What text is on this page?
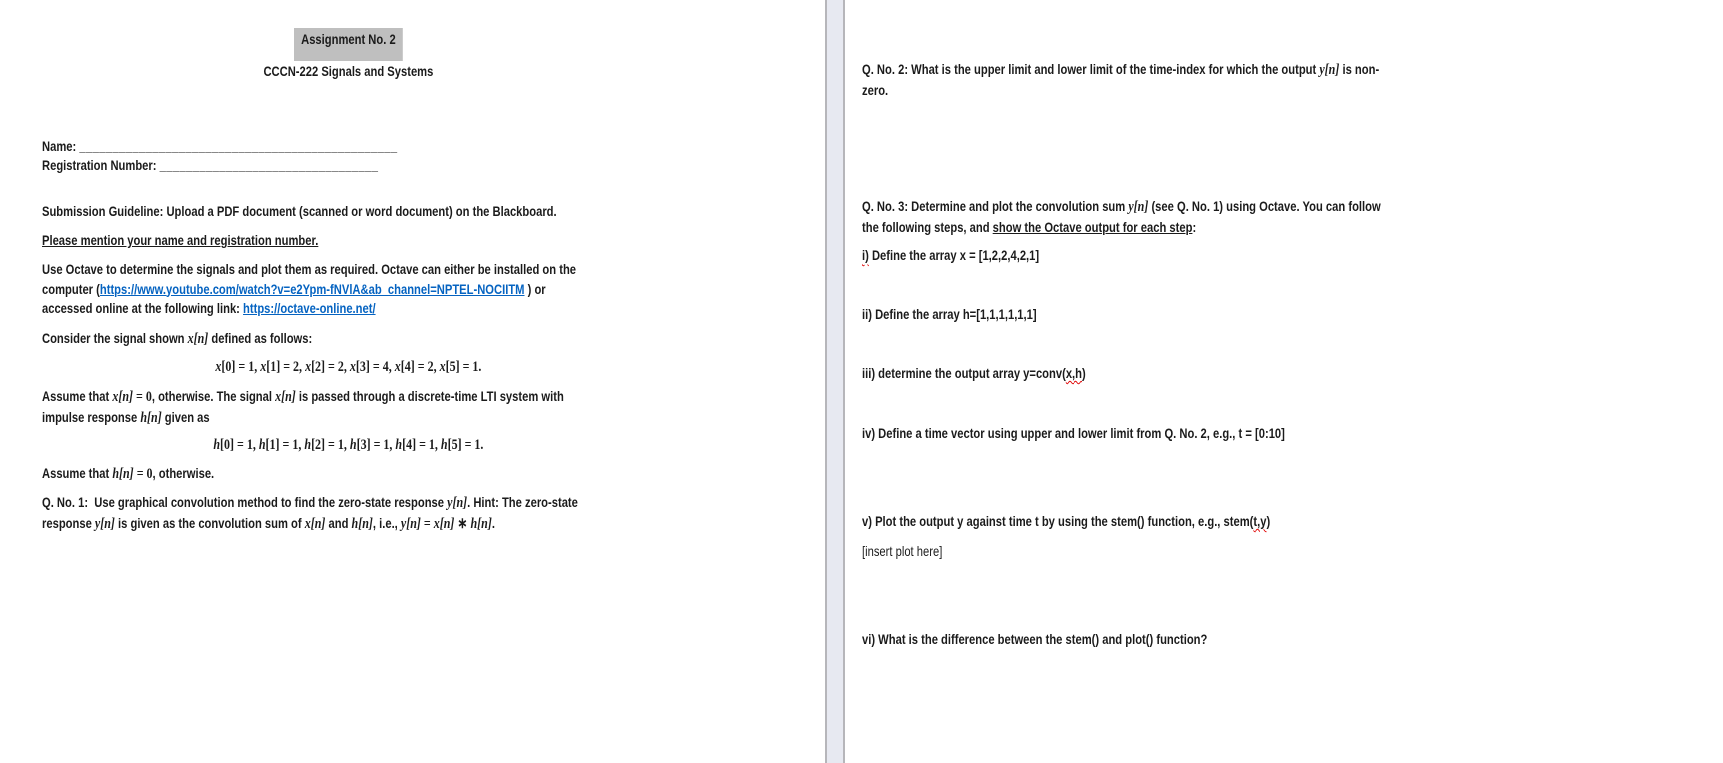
Assignment No. 2
CCCN-222 Signals and Systems
Name: ________________________________________________
Registration Number: _________________________________
Submission Guideline: Upload a PDF document (scanned or word document) on the Blackboard.
Please mention your name and registration number.
Use Octave to determine the signals and plot them as required. Octave can either be installed on the
computer (https://www.youtube.com/watch?v=e2Ypm-fNVlA&ab_channel=NPTEL-NOCIITM ) or
accessed online at the following link: https://octave-online.net/
Consider the signal shown x[n] defined as follows:
x[0] = 1, x[1] = 2, x[2] = 2, x[3] = 4, x[4] = 2, x[5] = 1.
Assume that x[n] = 0, otherwise. The signal x[n] is passed through a discrete-time LTI system with
impulse response h[n] given as
h[0] = 1, h[1] = 1, h[2] = 1, h[3] = 1, h[4] = 1, h[5] = 1.
Assume that h[n] = 0, otherwise.
Q. No. 1:  Use graphical convolution method to find the zero-state response y[n]. Hint: The zero-state
response y[n] is given as the convolution sum of x[n] and h[n], i.e., y[n] = x[n] ∗ h[n].
Q. No. 2: What is the upper limit and lower limit of the time-index for which the output y[n] is non-
zero.
Q. No. 3: Determine and plot the convolution sum y[n] (see Q. No. 1) using Octave. You can follow
the following steps, and show the Octave output for each step:
i) Define the array x = [1,2,2,4,2,1]
ii) Define the array h=[1,1,1,1,1,1]
iii) determine the output array y=conv(x,h)
iv) Define a time vector using upper and lower limit from Q. No. 2, e.g., t = [0:10]
v) Plot the output y against time t by using the stem() function, e.g., stem(t,y)
[insert plot here]
vi) What is the difference between the stem() and plot() function?
